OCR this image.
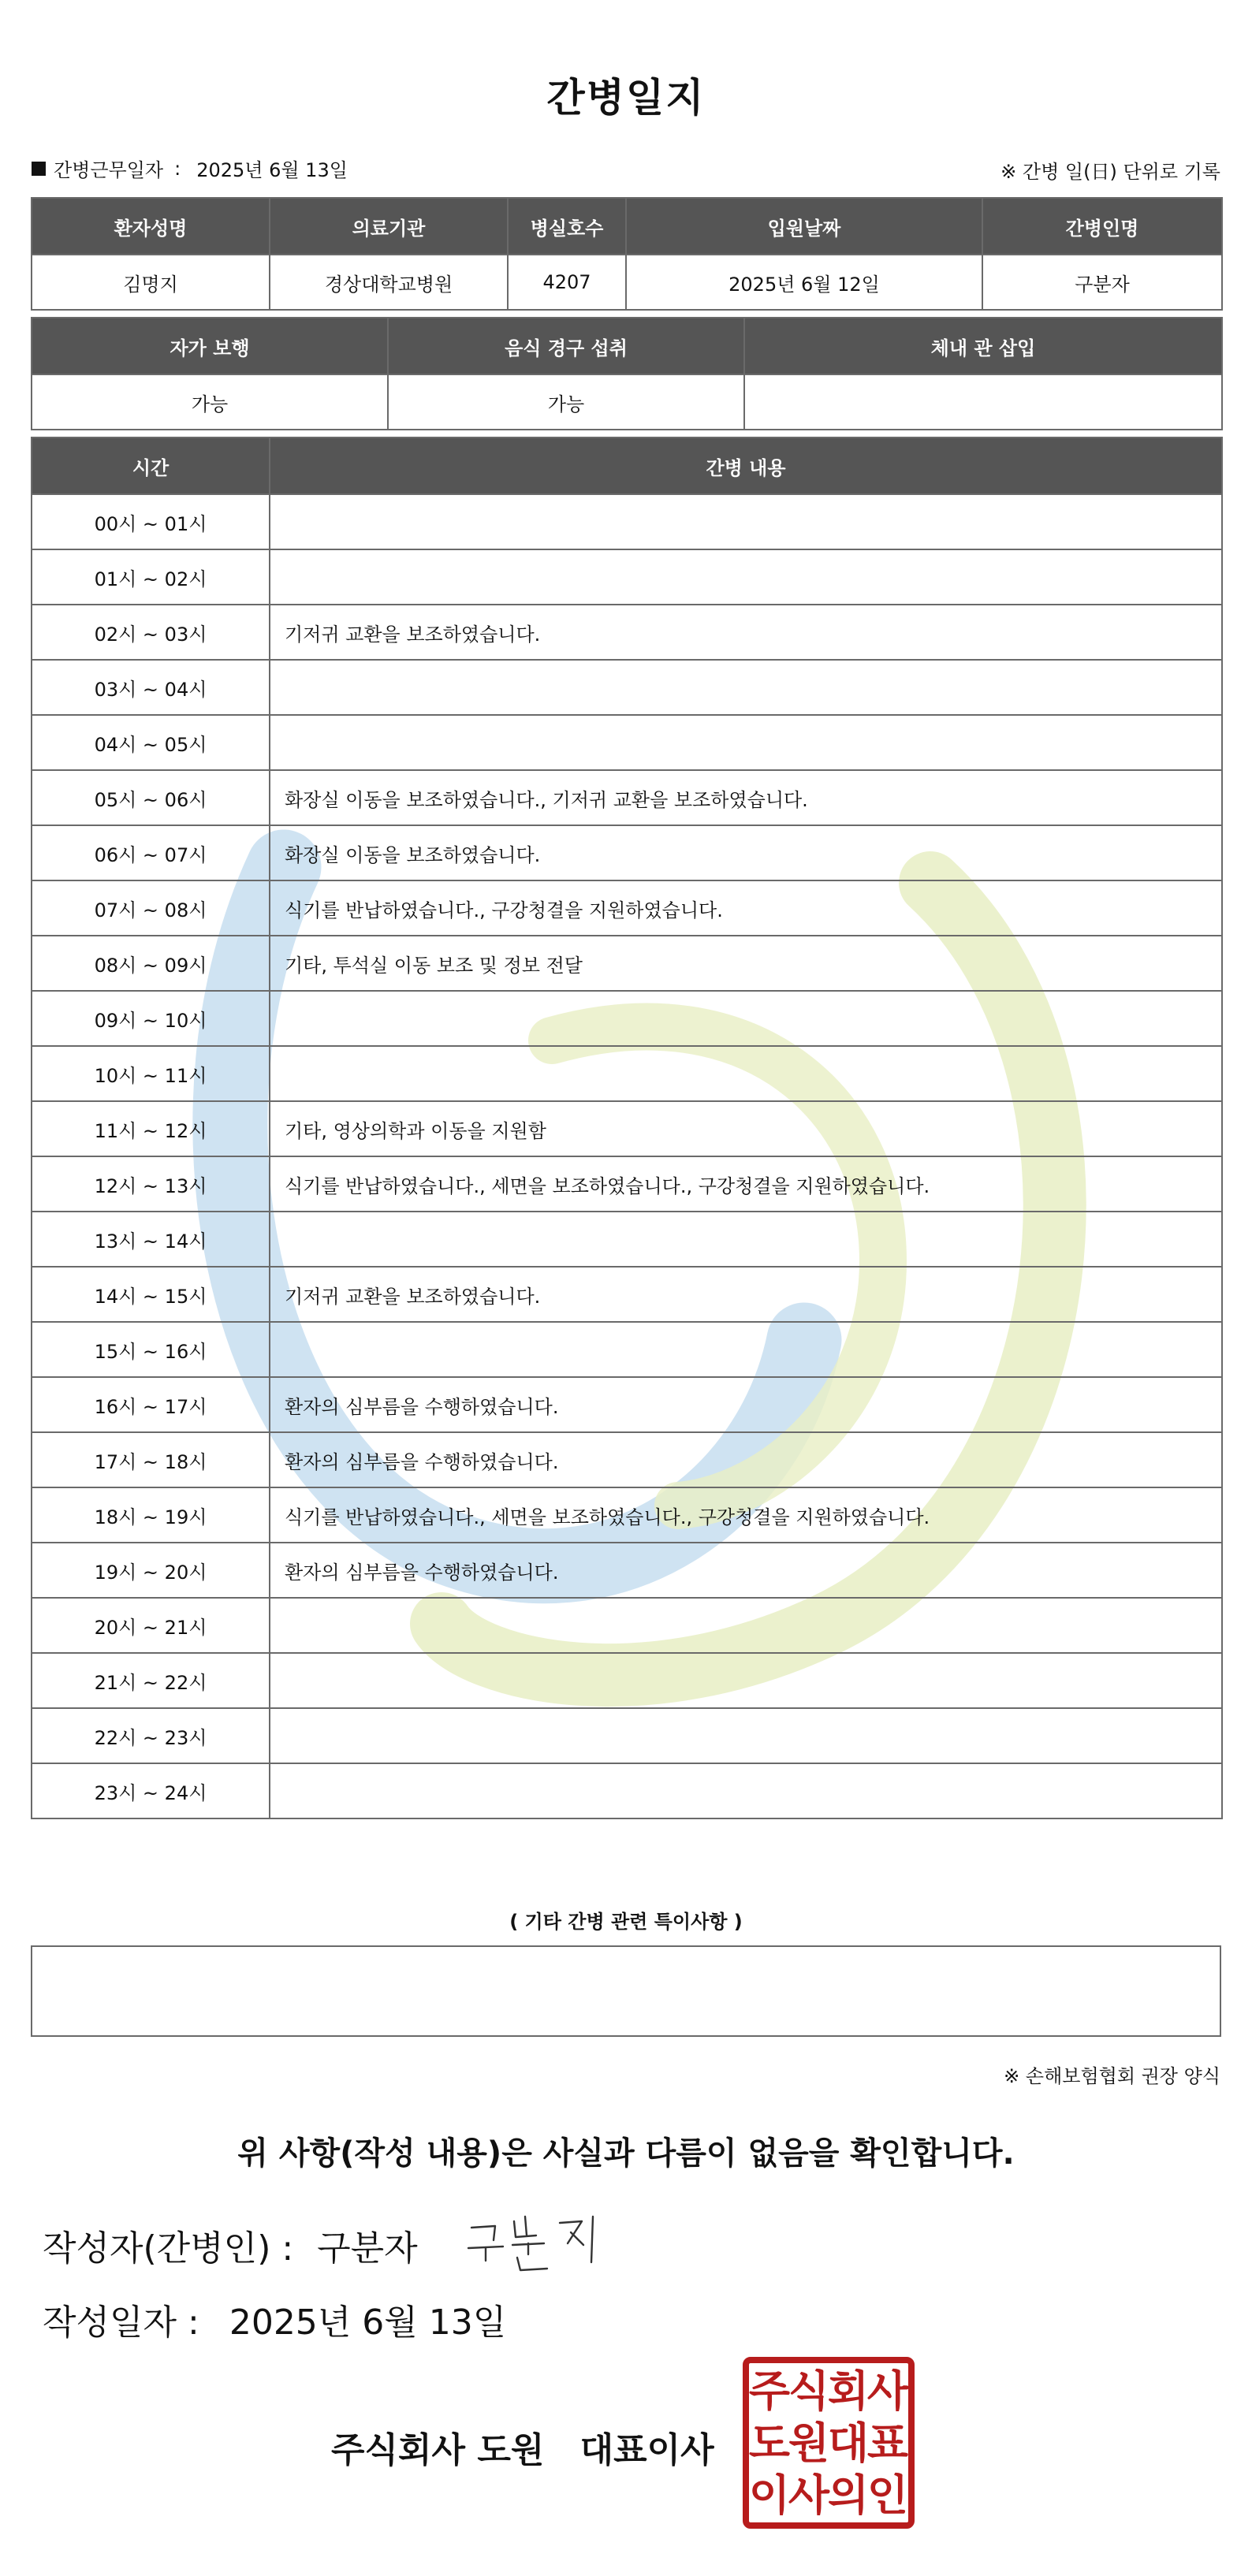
간병일지
간병근무일자 : 2025년 6월 13일	※ 간병 일(日) 단위로 기록
환자성명	의료기관	병실호수	입원날짜	간병인명
김명지	경상대학교병원	4207	2025년 6월 12일	구분자
자가 보행	음식 경구 섭취	체내 관 삽입
가능	가능	
시간	간병 내용
00시 ~ 01시	
01시 ~ 02시	
02시 ~ 03시	기저귀 교환을 보조하였습니다.
03시 ~ 04시	
04시 ~ 05시	
05시 ~ 06시	화장실 이동을 보조하였습니다., 기저귀 교환을 보조하였습니다.
06시 ~ 07시	화장실 이동을 보조하였습니다.
07시 ~ 08시	식기를 반납하였습니다., 구강청결을 지원하였습니다.
08시 ~ 09시	기타, 투석실 이동 보조 및 정보 전달
09시 ~ 10시	
10시 ~ 11시	
11시 ~ 12시	기타, 영상의학과 이동을 지원함
12시 ~ 13시	식기를 반납하였습니다., 세면을 보조하였습니다., 구강청결을 지원하였습니다.
13시 ~ 14시	
14시 ~ 15시	기저귀 교환을 보조하였습니다.
15시 ~ 16시	
16시 ~ 17시	환자의 심부름을 수행하였습니다.
17시 ~ 18시	환자의 심부름을 수행하였습니다.
18시 ~ 19시	식기를 반납하였습니다., 세면을 보조하였습니다., 구강청결을 지원하였습니다.
19시 ~ 20시	환자의 심부름을 수행하였습니다.
20시 ~ 21시	
21시 ~ 22시	
22시 ~ 23시	
23시 ~ 24시	
( 기타 간병 관련 특이사항 )
※ 손해보험협회 권장 양식
위 사항(작성 내용)은 사실과 다름이 없음을 확인합니다.
작성자(간병인) : 구분자
작성일자 : 2025년 6월 13일
주식회사 도원 대표이사
주
식
회
사
도
원
대
표
이
사
의
인
